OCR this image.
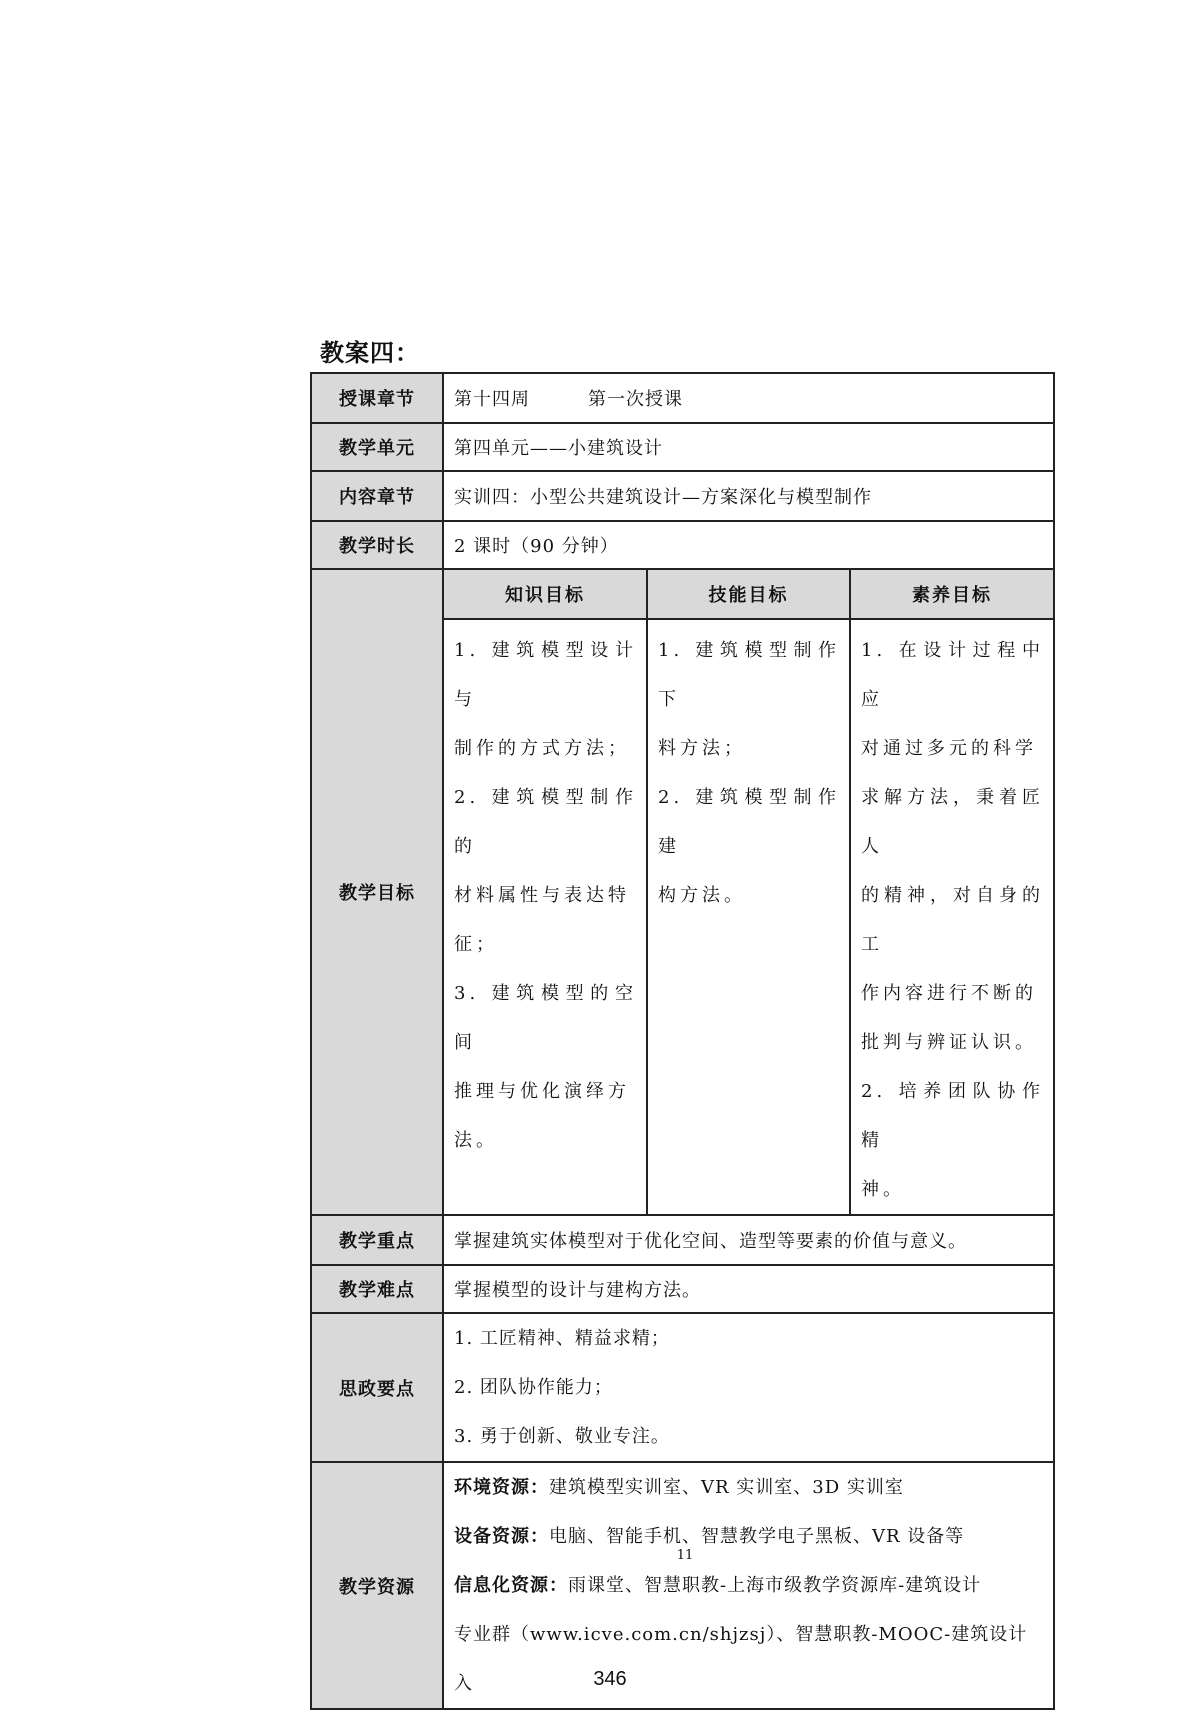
教案四：
授课章节	第十四周	第一次授课
教学单元	第四单元——小建筑设计
内容章节	实训四：小型公共建筑设计—方案深化与模型制作
教学时长	2 课时（90 分钟）
教学目标	
知识目标	技能目标	素养目标

1. 建筑模型设计与
制作的方式方法；
2. 建筑模型制作的
材料属性与表达特
征；
3. 建筑模型的空间
推理与优化演绎方
法。

1. 建筑模型制作下
料方法；
2. 建筑模型制作建
构方法。

1. 在设计过程中应
对通过多元的科学
求解方法，秉着匠人
的精神，对自身的工
作内容进行不断的
批判与辨证认识。
2. 培养团队协作精
神。

教学重点	掌握建筑实体模型对于优化空间、造型等要素的价值与意义。
教学难点	掌握模型的设计与建构方法。
思政要点	
1. 工匠精神、精益求精；
2. 团队协作能力；
3. 勇于创新、敬业专注。

教学资源	
环境资源：建筑模型实训室、VR 实训室、3D 实训室
设备资源：电脑、智能手机、智慧教学电子黑板、VR 设备等
信息化资源：雨课堂、智慧职教-上海市级教学资源库-建筑设计
专业群（www.icve.com.cn/shjzsj）、智慧职教-MOOC-建筑设计入
11
346
